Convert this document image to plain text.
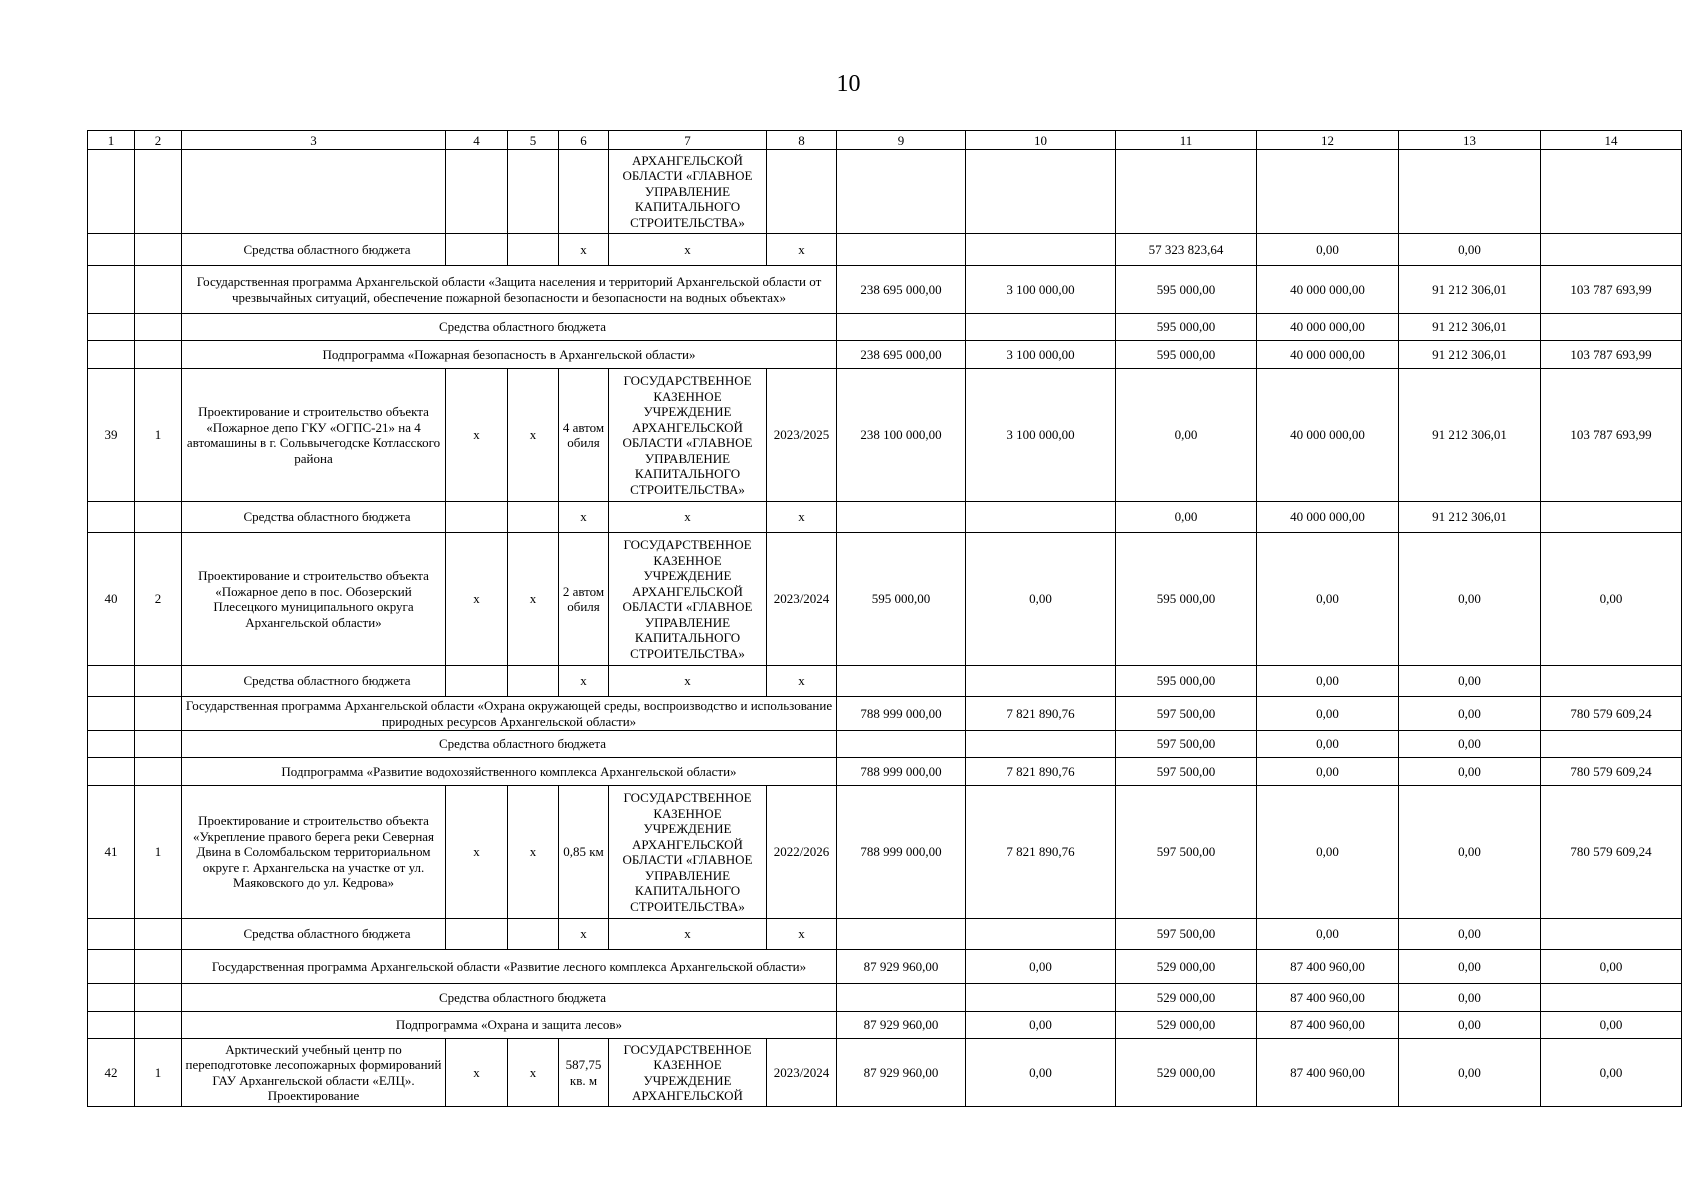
10
1	2	3	4	5	6	7	8	9	10	11	12	13	14
						АРХАНГЕЛЬСКОЙ ОБЛАСТИ «ГЛАВНОЕ УПРАВЛЕНИЕ КАПИТАЛЬНОГО СТРОИТЕЛЬСТВА»							
		Средства областного бюджета			х	х	х			57 323 823,64	0,00	0,00	
		Государственная программа Архангельской области «Защита населения и территорий Архангельской области от чрезвычайных ситуаций, обеспечение пожарной безопасности и безопасности на водных объектах»						238 695 000,00	3 100 000,00	595 000,00	40 000 000,00	91 212 306,01	103 787 693,99
		Средства областного бюджета								595 000,00	40 000 000,00	91 212 306,01	
		Подпрограмма «Пожарная безопасность в Архангельской области»						238 695 000,00	3 100 000,00	595 000,00	40 000 000,00	91 212 306,01	103 787 693,99
39	1	Проектирование и строительство объекта «Пожарное депо ГКУ «ОГПС-21» на 4 автомашины в г. Сольвычегодске Котласского района	х	х	4 автом обиля	ГОСУДАРСТВЕННОЕ КАЗЕННОЕ УЧРЕЖДЕНИЕ АРХАНГЕЛЬСКОЙ ОБЛАСТИ «ГЛАВНОЕ УПРАВЛЕНИЕ КАПИТАЛЬНОГО СТРОИТЕЛЬСТВА»	2023/2025	238 100 000,00	3 100 000,00	0,00	40 000 000,00	91 212 306,01	103 787 693,99
		Средства областного бюджета			х	х	х			0,00	40 000 000,00	91 212 306,01	
40	2	Проектирование и строительство объекта «Пожарное депо в пос. Обозерский Плесецкого муниципального округа Архангельской области»	х	х	2 автом обиля	ГОСУДАРСТВЕННОЕ КАЗЕННОЕ УЧРЕЖДЕНИЕ АРХАНГЕЛЬСКОЙ ОБЛАСТИ «ГЛАВНОЕ УПРАВЛЕНИЕ КАПИТАЛЬНОГО СТРОИТЕЛЬСТВА»	2023/2024	595 000,00	0,00	595 000,00	0,00	0,00	0,00
		Средства областного бюджета			х	х	х			595 000,00	0,00	0,00	
		Государственная программа Архангельской области «Охрана окружающей среды, воспроизводство и использование природных ресурсов Архангельской области»						788 999 000,00	7 821 890,76	597 500,00	0,00	0,00	780 579 609,24
		Средства областного бюджета								597 500,00	0,00	0,00	
		Подпрограмма «Развитие водохозяйственного комплекса Архангельской области»						788 999 000,00	7 821 890,76	597 500,00	0,00	0,00	780 579 609,24
41	1	Проектирование и строительство объекта «Укрепление правого берега реки Северная Двина в Соломбальском территориальном округе г. Архангельска на участке от ул. Маяковского до ул. Кедрова»	х	х	0,85 км	ГОСУДАРСТВЕННОЕ КАЗЕННОЕ УЧРЕЖДЕНИЕ АРХАНГЕЛЬСКОЙ ОБЛАСТИ «ГЛАВНОЕ УПРАВЛЕНИЕ КАПИТАЛЬНОГО СТРОИТЕЛЬСТВА»	2022/2026	788 999 000,00	7 821 890,76	597 500,00	0,00	0,00	780 579 609,24
		Средства областного бюджета			х	х	х			597 500,00	0,00	0,00	
		Государственная программа Архангельской области «Развитие лесного комплекса Архангельской области»						87 929 960,00	0,00	529 000,00	87 400 960,00	0,00	0,00
		Средства областного бюджета								529 000,00	87 400 960,00	0,00	
		Подпрограмма «Охрана и защита лесов»						87 929 960,00	0,00	529 000,00	87 400 960,00	0,00	0,00
42	1	Арктический учебный центр по переподготовке лесопожарных формирований ГАУ Архангельской области «ЕЛЦ». Проектирование	х	х	587,75 кв. м	ГОСУДАРСТВЕННОЕ КАЗЕННОЕ УЧРЕЖДЕНИЕ АРХАНГЕЛЬСКОЙ	2023/2024	87 929 960,00	0,00	529 000,00	87 400 960,00	0,00	0,00
